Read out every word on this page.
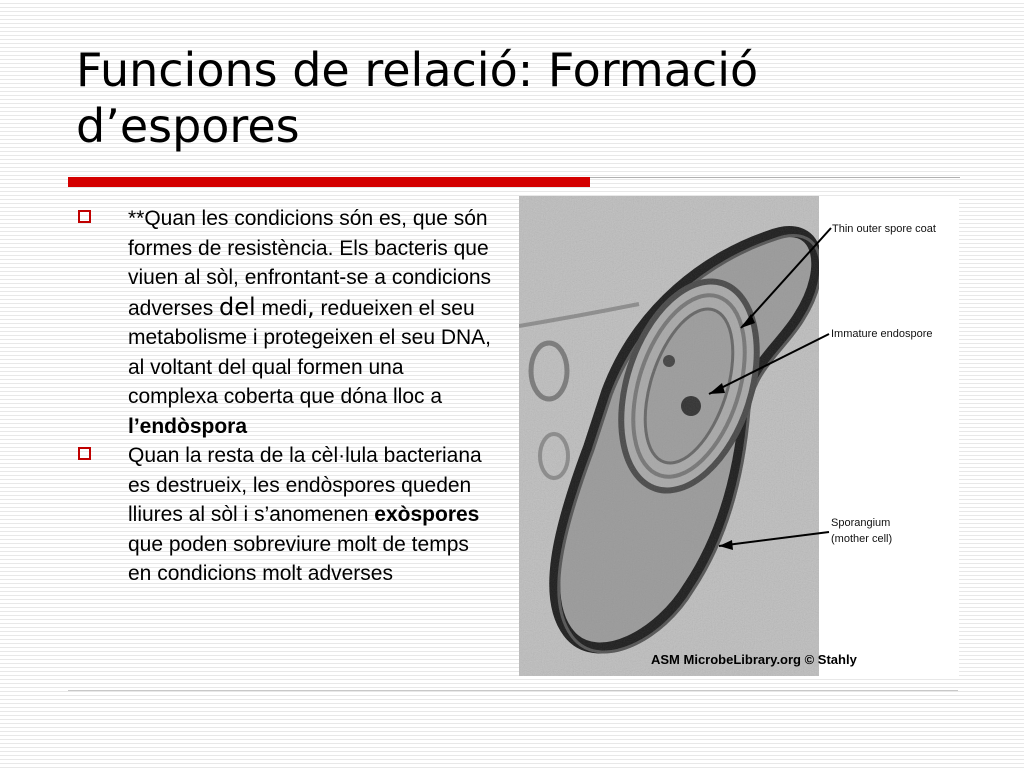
Funcions de relació: Formació d’espores
**Quan les condicions són es, que són formes de resistència. Els bacteris que viuen al sòl, enfrontant-se a condicions adverses del medi, redueixen el seu metabolisme i protegeixen el seu DNA, al voltant del qual formen una complexa coberta que dóna lloc a l’endòspora
Quan la resta de la cèl·lula bacteriana es destrueix, les endòspores queden lliures al sòl i s’anomenen exòspores que poden sobreviure molt de temps en condicions molt adverses
Thin outer spore coat
Immature endospore
Sporangium
(mother cell)
ASM MicrobeLibrary.org © Stahly
